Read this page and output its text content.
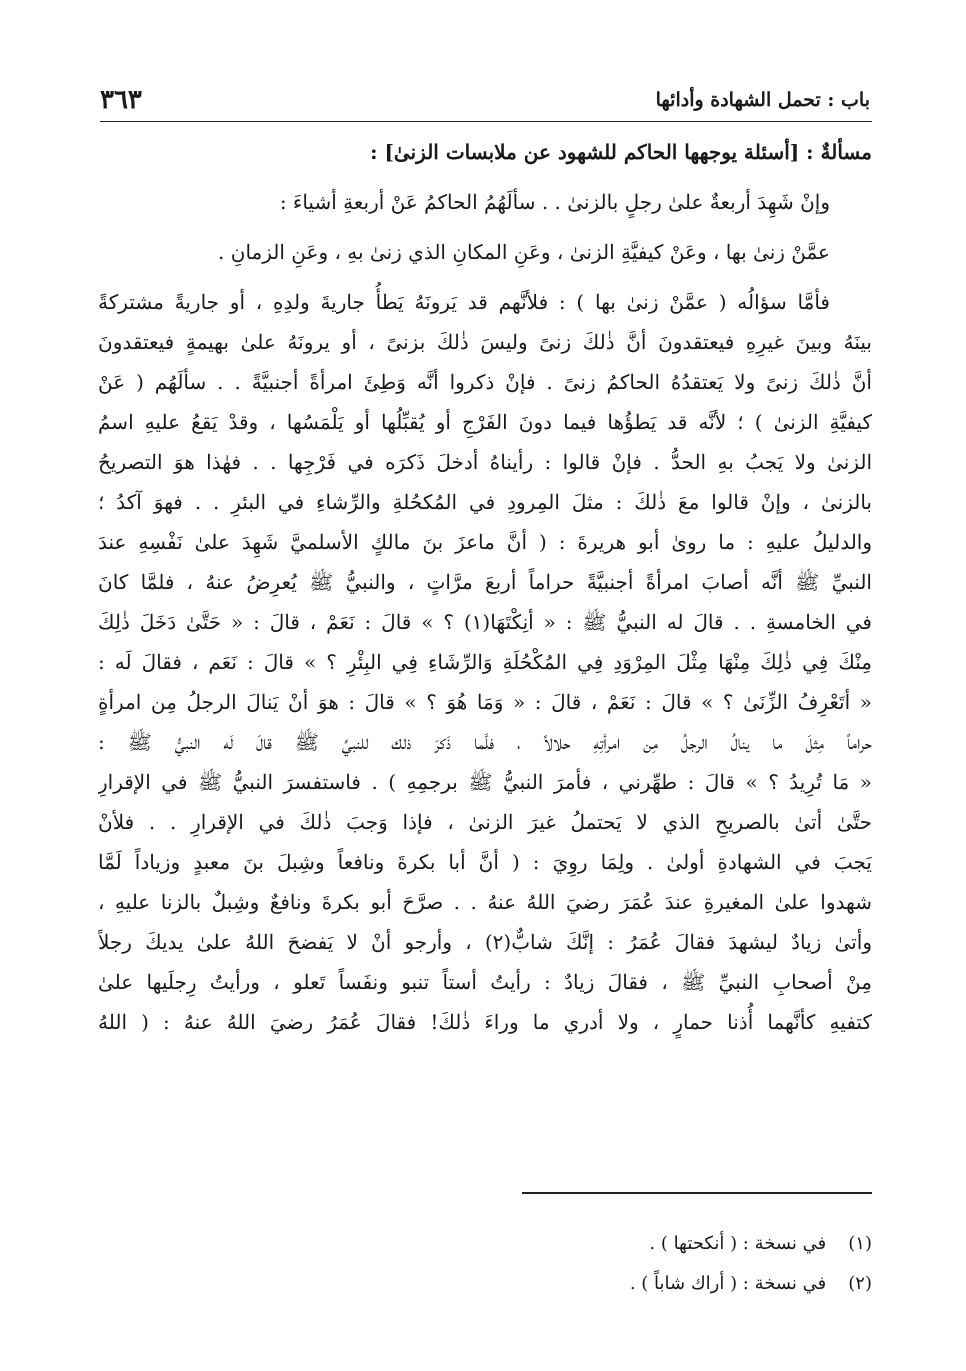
باب : تحمل الشهادة وأدائها
٣٦٣
مسألةٌ : [أسئلة يوجهها الحاكم للشهود عن ملابسات الزنىٰ] :
وإنْ شَهِدَ أربعةٌ علىٰ رجلٍ بالزنىٰ . . سألَهُمُ الحاكمُ عَنْ أربعةِ أشياءَ :
عمَّنْ زنىٰ بها ، وعَنْ كيفيَّةِ الزنىٰ ، وعَنِ المكانِ الذي زنىٰ بهِ ، وعَنِ الزمانِ .
فأمَّا سؤالُه ( عمَّنْ زنىٰ بها ) : فلأنَّهم قد يَرونَهُ يَطأُ جاريةَ ولدِهِ ، أو جاريةً مشتركةً
بينَهُ وبينَ غيرِهِ فيعتقدونَ أنَّ ذٰلكَ زنىً وليسَ ذٰلكَ بزنىً ، أو يرونَهُ علىٰ بهيمةٍ فيعتقدونَ
أنَّ ذٰلكَ زنىً ولا يَعتقدُهُ الحاكمُ زنىً . فإنْ ذكروا أنَّه وَطِئَ امرأةً أجنبيَّةً . . سألَهُم ( عَنْ
كيفيَّةِ الزنىٰ ) ؛ لأنَّه قد يَطؤُها فيما دونَ الفَرْجِ أو يُقبِّلُها أو يَلْمَسُها ، وقدْ يَقعُ عليهِ اسمُ
الزنىٰ ولا يَجبُ بهِ الحدُّ . فإنْ قالوا : رأيناهُ أدخلَ ذَكرَه في فَرْجِها . . فهٰذا هوَ التصريحُ
بالزنىٰ ، وإنْ قالوا معَ ذٰلكَ : مثلَ المِرودِ في المُكحُلةِ والرِّشاءِ في البئرِ . . فهوَ آكدُ ؛
والدليلُ عليهِ : ما روىٰ أبو هريرةَ : ( أنَّ ماعزَ بنَ مالكٍ الأسلميَّ شَهِدَ علىٰ نَفْسِهِ عندَ
النبيِّ ﷺ أنَّه أصابَ امرأةً أجنبيَّةً حراماً أربعَ مرَّاتٍ ، والنبيُّ ﷺ يُعرِضُ عنهُ ، فلمَّا كانَ
في الخامسةِ . . قالَ له النبيُّ ﷺ : « أنِكْتَهَا(١) ؟ » قالَ : نَعَمْ ، قالَ : « حَتَّىٰ دَخَلَ ذٰلِكَ
مِنْكَ فِي ذٰلِكَ مِنْهَا مِثْلَ المِرْوَدِ فِي المُكْحُلَةِ وَالرِّشَاءِ فِي البِئْرِ ؟ » قالَ : نَعَم ، فقالَ لَه :
« أتَعْرِفُ الزِّنَىٰ ؟ » قالَ : نَعَمْ ، قالَ : « وَمَا هُوَ ؟ » قالَ : هوَ أنْ يَنالَ الرجلُ مِن امرأةٍ
حراماً مِثلَ ما ينالُ الرجلُ مِن امرأتِهِ حلالاً ، فلَّما ذَكرَ ذلك للنبيِّ ﷺ قالَ لَه النبيُّ ﷺ :
« مَا تُرِيدُ ؟ » قالَ : طهِّرني ، فأمرَ النبيُّ ﷺ برجمِهِ ) . فاستفسرَ النبيُّ ﷺ في الإقرارِ
حتَّىٰ أتىٰ بالصريحِ الذي لا يَحتملُ غيرَ الزنىٰ ، فإذا وَجبَ ذٰلكَ في الإقرارِ . . فلأنْ
يَجبَ في الشهادةِ أولىٰ . ولِمَا روِيَ : ( أنَّ أبا بكرةَ ونافعاً وشِبلَ بنَ معبدٍ وزياداً لَمَّا
شهدوا علىٰ المغيرةِ عندَ عُمَرَ رضيَ اللهُ عنهُ . . صرَّحَ أبو بكرةَ ونافعٌ وشِبلٌ بالزنا عليهِ ،
وأتىٰ زيادٌ ليشهدَ فقالَ عُمَرُ : إنَّكَ شابٌّ(٢) ، وأرجو أنْ لا يَفضحَ اللهُ علىٰ يديكَ رجلاً
مِنْ أصحابِ النبيِّ ﷺ ، فقالَ زيادٌ : رأيتُ أستاً تنبو ونفَساً تَعلو ، ورأيتُ رِجلَيها علىٰ
كتفيهِ كأنَّهما أُذنا حمارٍ ، ولا أدري ما وراءَ ذٰلكَ! فقالَ عُمَرُ رضيَ اللهُ عنهُ : ( اللهُ
(١) في نسخة : ( أنكحتها ) .
(٢) في نسخة : ( أراك شاباً ) .
